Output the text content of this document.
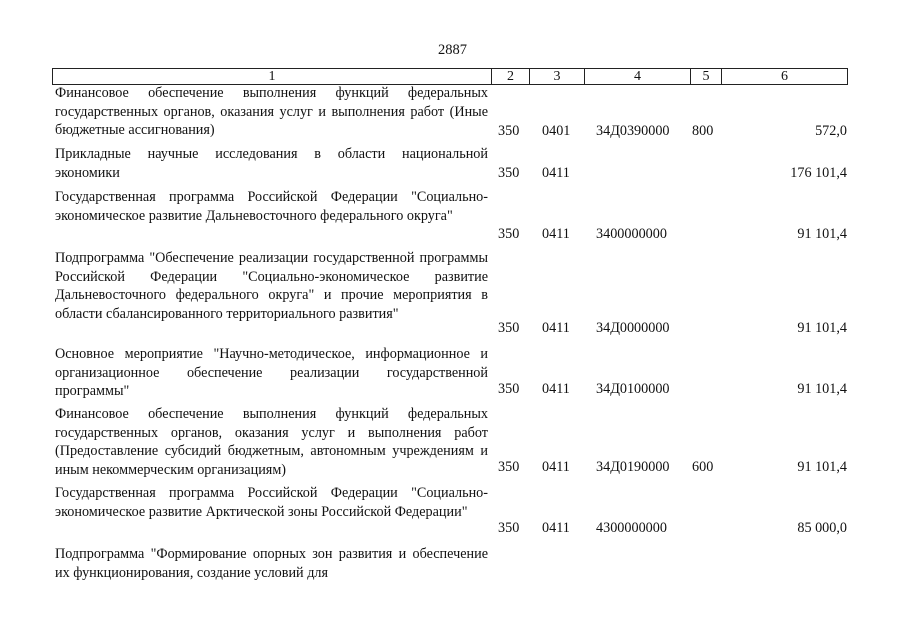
2887
1	2	3	4	5	6
Финансовое обеспечение выполнения функций федеральных государственных органов, оказания услуг и выполнения работ (Иные бюджетные ассигнования)	350 0401 34Д0390000 800	572,0
Прикладные научные исследования в области национальной экономики	350 0411	176 101,4
Государственная программа Российской Федерации "Социально-экономическое развитие Дальневосточного федерального округа"
350 0411 3400000000	91 101,4
Подпрограмма "Обеспечение реализации государственной программы Российской Федерации "Социально-экономическое развитие Дальневосточного федерального округа" и прочие мероприятия в области сбалансированного территориального развития"
350 0411 34Д0000000	91 101,4
Основное мероприятие "Научно-методическое, информационное и организационное обеспечение реализации государственной программы"	350 0411 34Д0100000	91 101,4
Финансовое обеспечение выполнения функций федеральных государственных органов, оказания услуг и выполнения работ (Предоставление субсидий бюджетным, автономным учреждениям и иным некоммерческим организациям)	350 0411 34Д0190000 600	91 101,4
Государственная программа Российской Федерации "Социально-экономическое развитие Арктической зоны Российской Федерации"
350 0411 4300000000	85 000,0
Подпрограмма "Формирование опорных зон развития и обеспечение их функционирования, создание условий для
